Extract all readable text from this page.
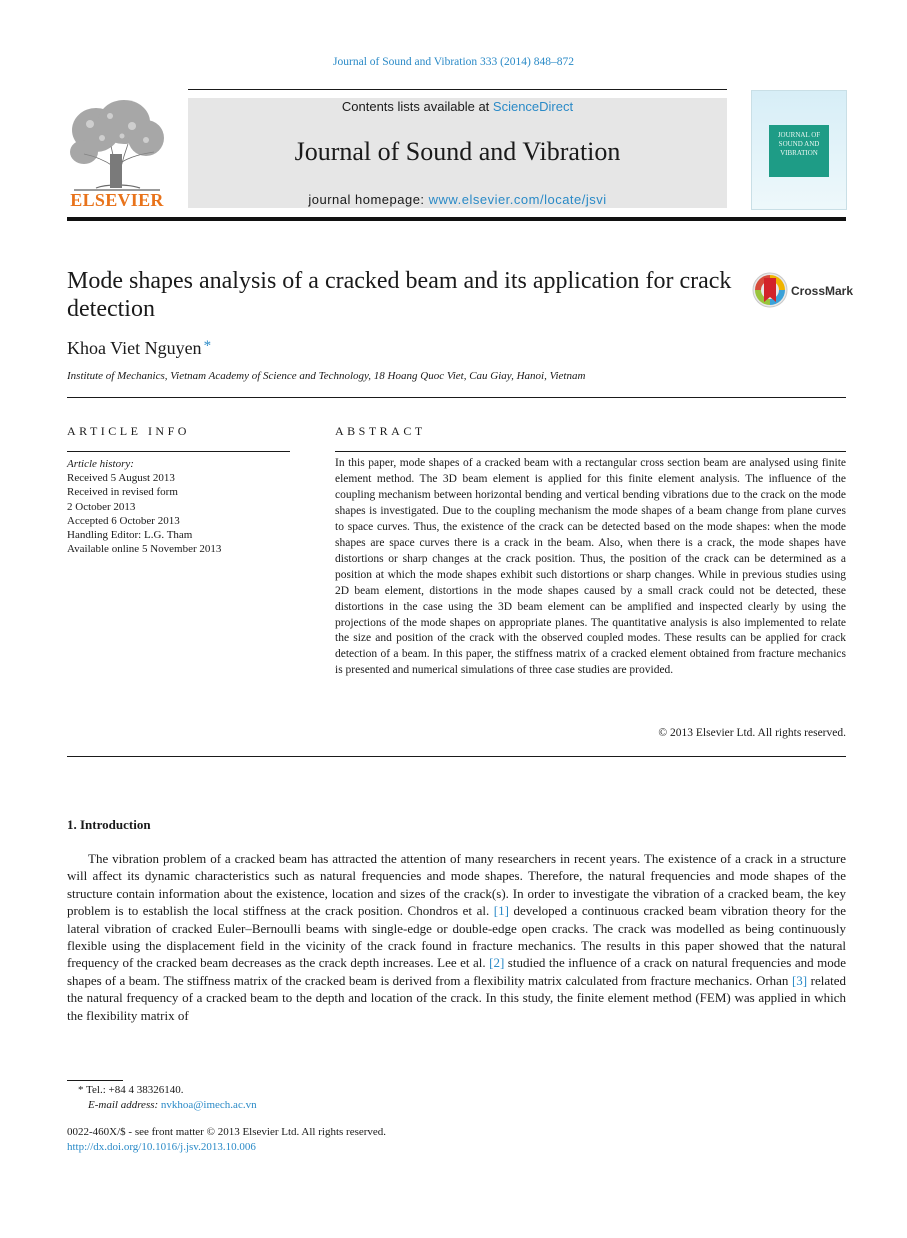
Journal of Sound and Vibration 333 (2014) 848–872
ELSEVIER
Contents lists available at ScienceDirect
Journal of Sound and Vibration
journal homepage: www.elsevier.com/locate/jsvi
JOURNAL OF SOUND AND VIBRATION
Mode shapes analysis of a cracked beam and its application for crack detection
CrossMark
Khoa Viet Nguyen *
Institute of Mechanics, Vietnam Academy of Science and Technology, 18 Hoang Quoc Viet, Cau Giay, Hanoi, Vietnam
ARTICLE INFO
Article history:
Received 5 August 2013
Received in revised form
2 October 2013
Accepted 6 October 2013
Handling Editor: L.G. Tham
Available online 5 November 2013
ABSTRACT
In this paper, mode shapes of a cracked beam with a rectangular cross section beam are analysed using finite element method. The 3D beam element is applied for this finite element analysis. The influence of the coupling mechanism between horizontal bending and vertical bending vibrations due to the crack on the mode shapes is investigated. Due to the coupling mechanism the mode shapes of a beam change from plane curves to space curves. Thus, the existence of the crack can be detected based on the mode shapes: when the mode shapes are space curves there is a crack in the beam. Also, when there is a crack, the mode shapes have distortions or sharp changes at the crack position. Thus, the position of the crack can be determined as a position at which the mode shapes exhibit such distortions or sharp changes. While in previous studies using 2D beam element, distortions in the mode shapes caused by a small crack could not be detected, these distortions in the case using the 3D beam element can be amplified and inspected clearly by using the projections of the mode shapes on appropriate planes. The quantitative analysis is also implemented to relate the size and position of the crack with the observed coupled modes. These results can be applied for crack detection of a beam. In this paper, the stiffness matrix of a cracked element obtained from fracture mechanics is presented and numerical simulations of three case studies are provided.
© 2013 Elsevier Ltd. All rights reserved.
1. Introduction
The vibration problem of a cracked beam has attracted the attention of many researchers in recent years. The existence of a crack in a structure will affect its dynamic characteristics such as natural frequencies and mode shapes. Therefore, the natural frequencies and mode shapes of the structure contain information about the existence, location and sizes of the crack(s). In order to investigate the vibration of a cracked beam, the key problem is to establish the local stiffness at the crack position. Chondros et al. [1] developed a continuous cracked beam vibration theory for the lateral vibration of cracked Euler–Bernoulli beams with single-edge or double-edge open cracks. The crack was modelled as being continuously flexible using the displacement field in the vicinity of the crack found in fracture mechanics. The results in this paper showed that the natural frequency of the cracked beam decreases as the crack depth increases. Lee et al. [2] studied the influence of a crack on natural frequencies and mode shapes of a beam. The stiffness matrix of the cracked beam is derived from a flexibility matrix calculated from fracture mechanics. Orhan [3] related the natural frequency of a cracked beam to the depth and location of the crack. In this study, the finite element method (FEM) was applied in which the flexibility matrix of
* Tel.: +84 4 38326140.
E-mail address: nvkhoa@imech.ac.vn
0022-460X/$ - see front matter © 2013 Elsevier Ltd. All rights reserved.
http://dx.doi.org/10.1016/j.jsv.2013.10.006
